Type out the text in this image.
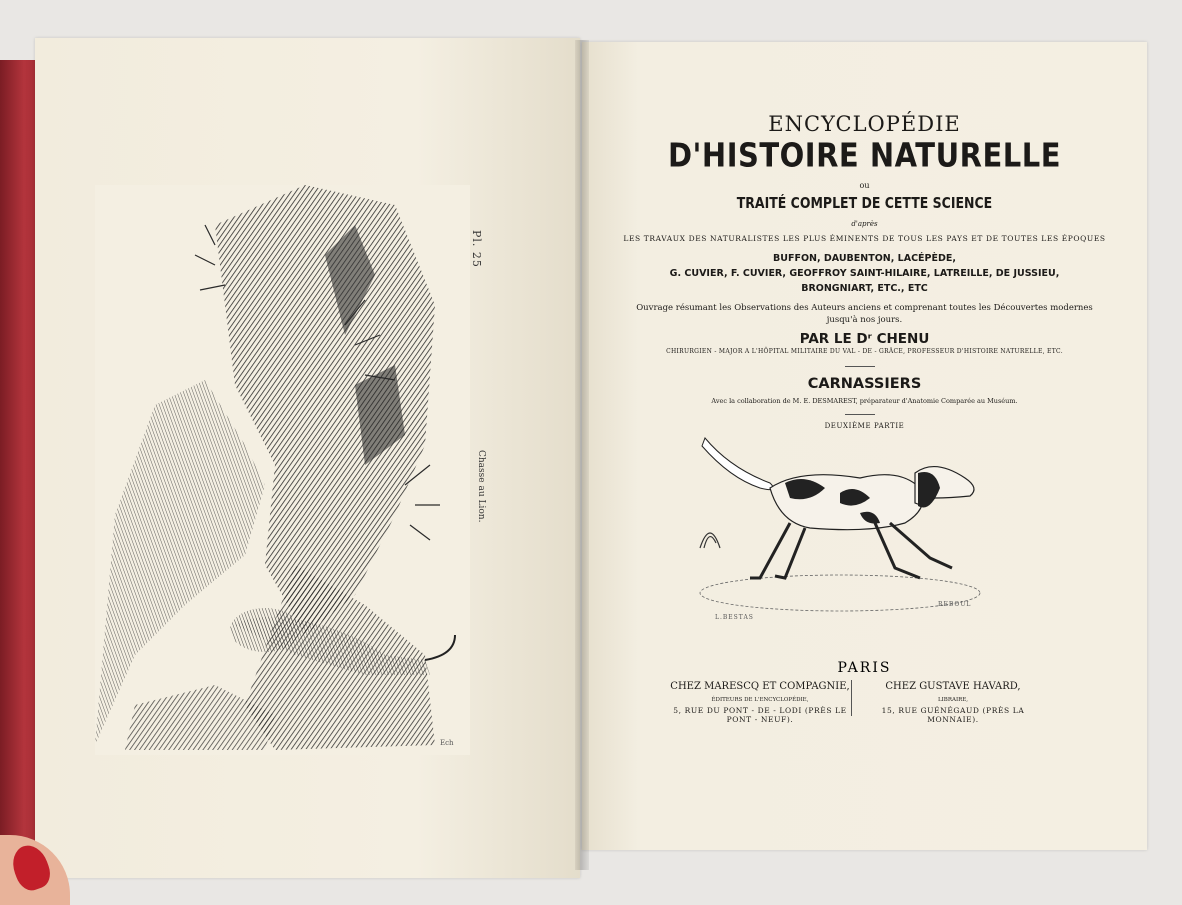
Ech
Pl. 25
Chasse au Lion.
ENCYCLOPÉDIE
D'HISTOIRE NATURELLE
ou
TRAITÉ COMPLET DE CETTE SCIENCE
d'après
LES TRAVAUX DES NATURALISTES LES PLUS ÉMINENTS DE TOUS LES PAYS ET DE TOUTES LES ÉPOQUES
BUFFON, DAUBENTON, LACÉPÈDE,
G. CUVIER, F. CUVIER, GEOFFROY SAINT-HILAIRE, LATREILLE, DE JUSSIEU,
BRONGNIART, ETC., ETC
Ouvrage résumant les Observations des Auteurs anciens et comprenant toutes les Découvertes modernes
jusqu'à nos jours.
PAR LE Dʳ CHENU
CHIRURGIEN - MAJOR A L'HÔPITAL MILITAIRE DU VAL - DE - GRÂCE, PROFESSEUR D'HISTOIRE NATURELLE, ETC.
CARNASSIERS
Avec la collaboration de M. E. DESMAREST, préparateur d'Anatomie Comparée au Muséum.
DEUXIÈME PARTIE
L.BESTAS
REBOUL
PARIS
CHEZ MARESCQ ET COMPAGNIE,
ÉDITEURS DE L'ENCYCLOPÉDIE,
5, RUE DU PONT - DE - LODI (PRÈS LE PONT - NEUF).
CHEZ GUSTAVE HAVARD,
LIBRAIRE,
15, RUE GUÉNÉGAUD (PRÈS LA MONNAIE).
